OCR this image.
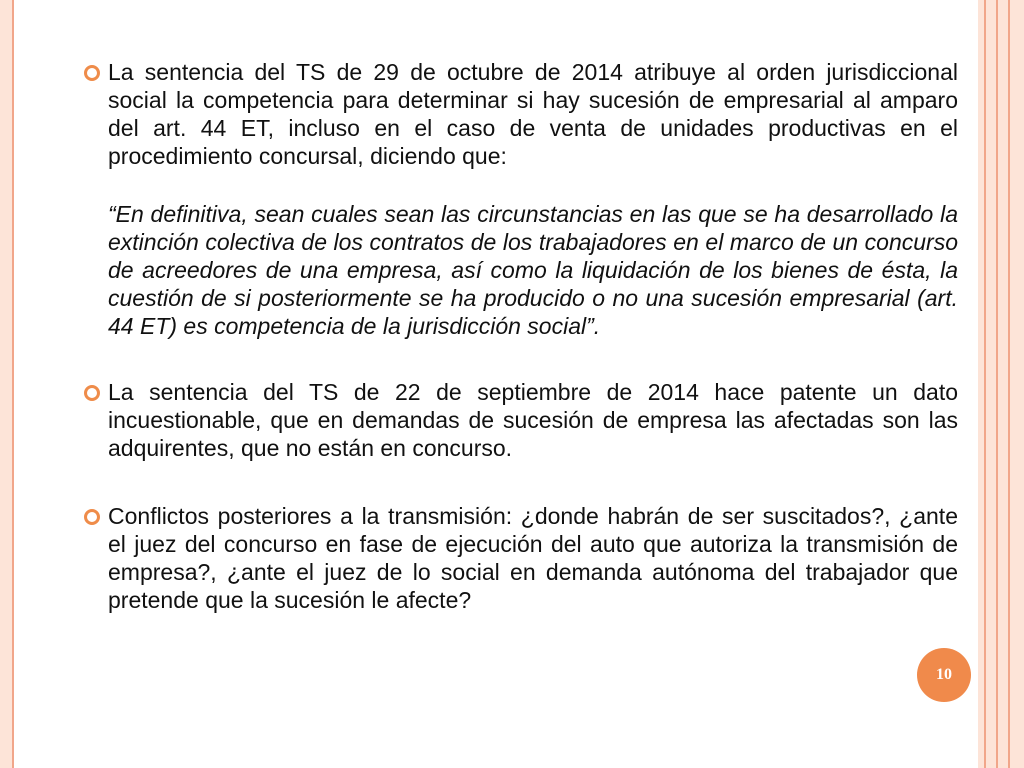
La sentencia del TS de 29 de octubre de 2014 atribuye al orden jurisdiccional social la competencia para determinar si hay sucesión de empresarial al amparo del art. 44 ET, incluso en el caso de venta de unidades productivas en el procedimiento concursal, diciendo que:
“En definitiva, sean cuales sean las circunstancias en las que se ha desarrollado la extinción colectiva de los contratos de los trabajadores en el marco de un concurso de acreedores de una empresa, así como la liquidación de los bienes de ésta, la cuestión de si posteriormente se ha producido o no una sucesión empresarial (art. 44 ET) es competencia de la jurisdicción social”.
La sentencia del TS de 22 de septiembre de 2014 hace patente un dato incuestionable, que en demandas de sucesión de empresa las afectadas son las adquirentes, que no están en concurso.
Conflictos posteriores a la transmisión: ¿donde habrán de ser suscitados?, ¿ante el juez del concurso en fase de ejecución del auto que autoriza la transmisión de empresa?, ¿ante el juez de lo social en demanda autónoma del trabajador que pretende que la sucesión le afecte?
10
